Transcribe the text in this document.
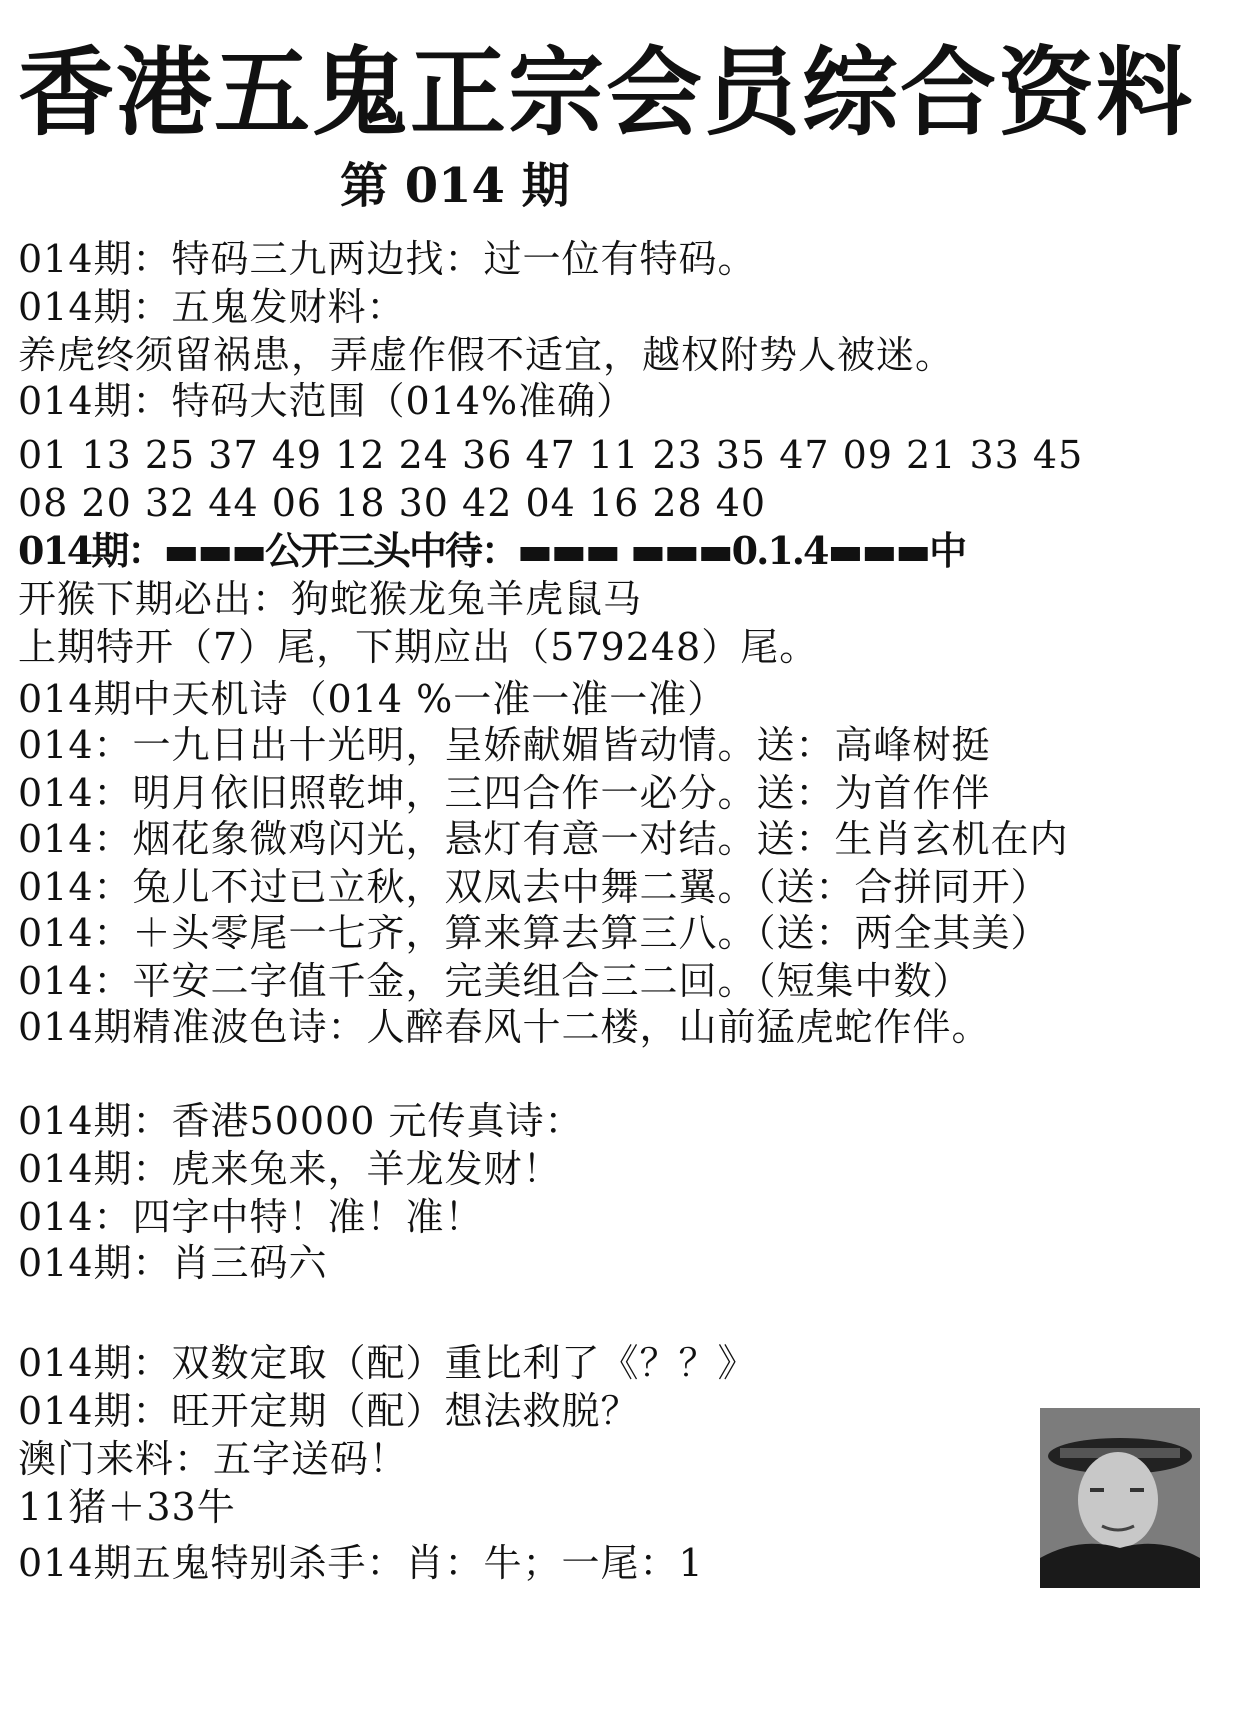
香港五鬼正宗会员综合资料
第 014 期
014期：特码三九两边找：过一位有特码。
014期：五鬼发财料：
养虎终须留祸患，弄虚作假不适宜，越权附势人被迷。
014期：特码大范围（014%准确）
01 13 25 37 49 12 24 36 47 11 23 35 47 09 21 33 45
08 20 32 44 06 18 30 42 04 16 28 40
014期：▬▬▬公开三头中待：▬▬▬ ▬▬▬0.1.4▬▬▬中
开猴下期必出：狗蛇猴龙兔羊虎鼠马
上期特开（7）尾，下期应出（579248）尾。
014期中天机诗（014 %一准一准一准）
014：一九日出十光明，呈娇献媚皆动情。送：高峰树挺
014：明月依旧照乾坤，三四合作一必分。送：为首作伴
014：烟花象微鸡闪光，悬灯有意一对结。送：生肖玄机在内
014：兔儿不过已立秋，双凤去中舞二翼。（送：合拼同开）
014：＋头零尾一七齐，算来算去算三八。（送：两全其美）
014：平安二字值千金，完美组合三二回。（短集中数）
014期精准波色诗：人醉春风十二楼，山前猛虎蛇作伴。
014期：香港50000 元传真诗：
014期：虎来兔来，羊龙发财！
014：四字中特！准！准！
014期：肖三码六
014期：双数定取（配）重比利了《？？》
014期：旺开定期（配）想法救脱？
澳门来料：五字送码！
11猪＋33牛
014期五鬼特别杀手：肖：牛；一尾：1
